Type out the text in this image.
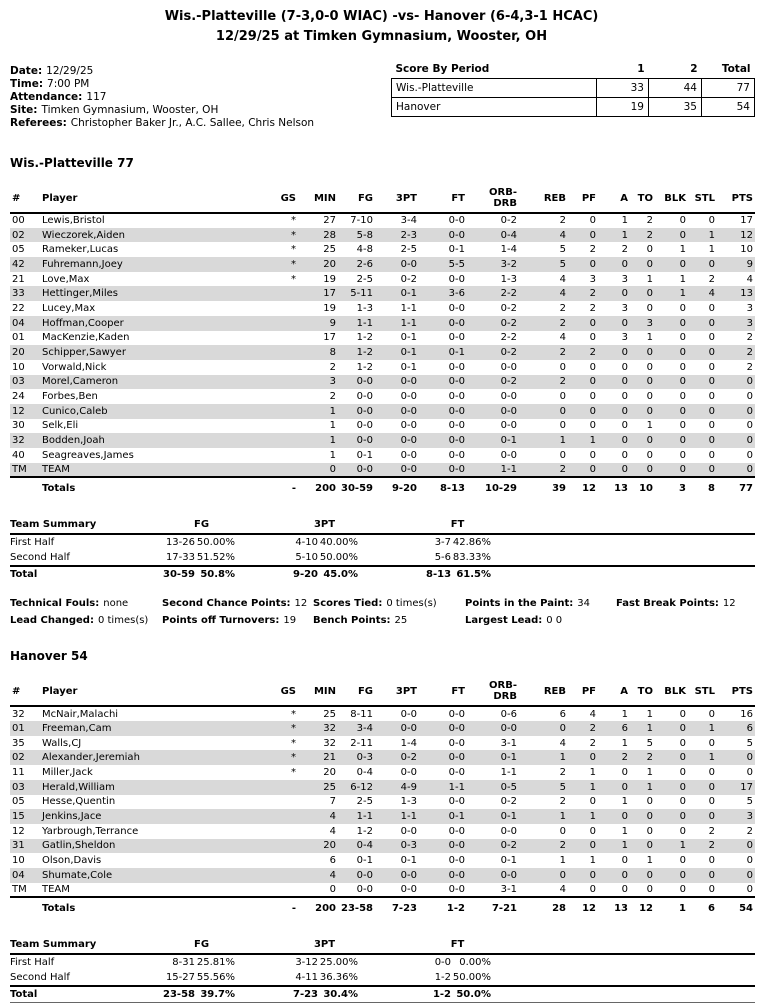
Wis.-Platteville (7-3,0-0 WIAC) -vs- Hanover (6-4,3-1 HCAC)
12/29/25 at Timken Gymnasium, Wooster, OH
Date: 12/29/25
Time: 7:00 PM
Attendance: 117
Site: Timken Gymnasium, Wooster, OH
Referees: Christopher Baker Jr., A.C. Sallee, Chris Nelson
Score By Period	1	2	Total
Wis.-Platteville	33	44	77
Hanover	19	35	54
Wis.-Platteville 77
#	Player	GS	MIN	FG	3PT	FT	ORB-DRB	REB	PF	A	TO	BLK	STL	PTS
00	Lewis,Bristol	*	27	7-10	3-4	0-0	0-2	2	0	1	2	0	0	17
02	Wieczorek,Aiden	*	28	5-8	2-3	0-0	0-4	4	0	1	2	0	1	12
05	Rameker,Lucas	*	25	4-8	2-5	0-1	1-4	5	2	2	0	1	1	10
42	Fuhremann,Joey	*	20	2-6	0-0	5-5	3-2	5	0	0	0	0	0	9
21	Love,Max	*	19	2-5	0-2	0-0	1-3	4	3	3	1	1	2	4
33	Hettinger,Miles		17	5-11	0-1	3-6	2-2	4	2	0	0	1	4	13
22	Lucey,Max		19	1-3	1-1	0-0	0-2	2	2	3	0	0	0	3
04	Hoffman,Cooper		9	1-1	1-1	0-0	0-2	2	0	0	3	0	0	3
01	MacKenzie,Kaden		17	1-2	0-1	0-0	2-2	4	0	3	1	0	0	2
20	Schipper,Sawyer		8	1-2	0-1	0-1	0-2	2	2	0	0	0	0	2
10	Vorwald,Nick		2	1-2	0-1	0-0	0-0	0	0	0	0	0	0	2
03	Morel,Cameron		3	0-0	0-0	0-0	0-2	2	0	0	0	0	0	0
24	Forbes,Ben		2	0-0	0-0	0-0	0-0	0	0	0	0	0	0	0
12	Cunico,Caleb		1	0-0	0-0	0-0	0-0	0	0	0	0	0	0	0
30	Selk,Eli		1	0-0	0-0	0-0	0-0	0	0	0	1	0	0	0
32	Bodden,Joah		1	0-0	0-0	0-0	0-1	1	1	0	0	0	0	0
40	Seagreaves,James		1	0-1	0-0	0-0	0-0	0	0	0	0	0	0	0
TM	TEAM		0	0-0	0-0	0-0	1-1	2	0	0	0	0	0	0
	Totals	-	200	30-59	9-20	8-13	10-29	39	12	13	10	3	8	77
Team Summary	FG			3PT			FT		
First Half	13-26	50.00%		4-10	40.00%		3-7	42.86%	
Second Half	17-33	51.52%		5-10	50.00%		5-6	83.33%	
Total	30-59	50.8%		9-20	45.0%		8-13	61.5%	
Technical Fouls: none	Second Chance Points: 12 Scores Tied: 0 times(s)	Points in the Paint: 34	Fast Break Points: 12
Lead Changed: 0 times(s)	Points off Turnovers: 19	Bench Points: 25	Largest Lead: 0 0
Hanover 54
#	Player	GS	MIN	FG	3PT	FT	ORB-DRB	REB	PF	A	TO	BLK	STL	PTS
32	McNair,Malachi	*	25	8-11	0-0	0-0	0-6	6	4	1	1	0	0	16
01	Freeman,Cam	*	32	3-4	0-0	0-0	0-0	0	2	6	1	0	1	6
35	Walls,CJ	*	32	2-11	1-4	0-0	3-1	4	2	1	5	0	0	5
02	Alexander,Jeremiah	*	21	0-3	0-2	0-0	0-1	1	0	2	2	0	1	0
11	Miller,Jack	*	20	0-4	0-0	0-0	1-1	2	1	0	1	0	0	0
03	Herald,William		25	6-12	4-9	1-1	0-5	5	1	0	1	0	0	17
05	Hesse,Quentin		7	2-5	1-3	0-0	0-2	2	0	1	0	0	0	5
15	Jenkins,Jace		4	1-1	1-1	0-1	0-1	1	1	0	0	0	0	3
12	Yarbrough,Terrance		4	1-2	0-0	0-0	0-0	0	0	1	0	0	2	2
31	Gatlin,Sheldon		20	0-4	0-3	0-0	0-2	2	0	1	0	1	2	0
10	Olson,Davis		6	0-1	0-1	0-0	0-1	1	1	0	1	0	0	0
04	Shumate,Cole		4	0-0	0-0	0-0	0-0	0	0	0	0	0	0	0
TM	TEAM		0	0-0	0-0	0-0	3-1	4	0	0	0	0	0	0
	Totals	-	200	23-58	7-23	1-2	7-21	28	12	13	12	1	6	54
Team Summary	FG			3PT			FT		
First Half	8-31	25.81%		3-12	25.00%		0-0	0.00%	
Second Half	15-27	55.56%		4-11	36.36%		1-2	50.00%	
Total	23-58	39.7%		7-23	30.4%		1-2	50.0%	
